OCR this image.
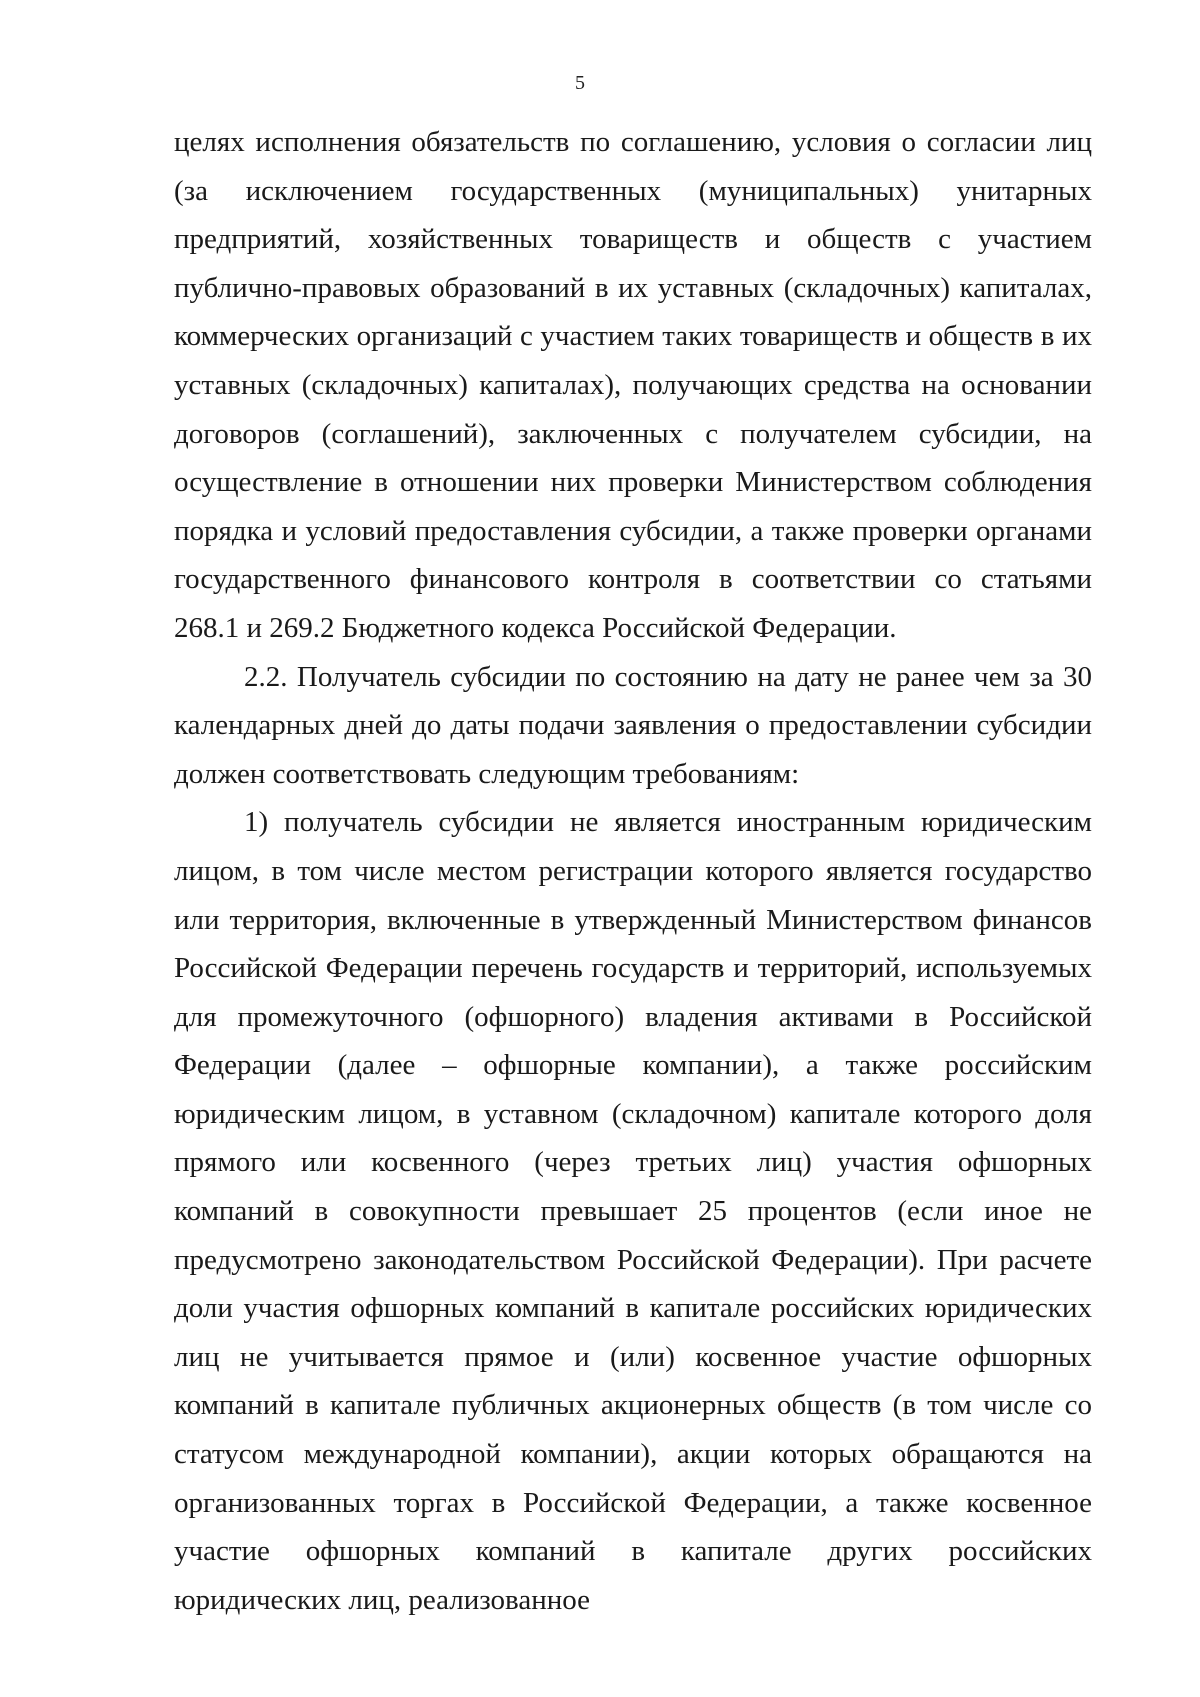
5

целях исполнения обязательств по соглашению, условия о согласии лиц (за исключением государственных (муниципальных) унитарных предприятий, хозяйственных товариществ и обществ с участием публично-правовых образований в их уставных (складочных) капиталах, коммерческих организаций с участием таких товариществ и обществ в их уставных (складочных) капиталах), получающих средства на основании договоров (соглашений), заключенных с получателем субсидии, на осуществление в отношении них проверки Министерством соблюдения порядка и условий предоставления субсидии, а также проверки органами государственного финансового контроля в соответствии со статьями 268.1 и 269.2 Бюджетного кодекса Российской Федерации.

2.2. Получатель субсидии по состоянию на дату не ранее чем за 30 календарных дней до даты подачи заявления о предоставлении субсидии должен соответствовать следующим требованиям:

1) получатель субсидии не является иностранным юридическим лицом, в том числе местом регистрации которого является государство или территория, включенные в утвержденный Министерством финансов Российской Федерации перечень государств и территорий, используемых для промежуточного (офшорного) владения активами в Российской Федерации (далее – офшорные компании), а также российским юридическим лицом, в уставном (складочном) капитале которого доля прямого или косвенного (через третьих лиц) участия офшорных компаний в совокупности превышает 25 процентов (если иное не предусмотрено законодательством Российской Федерации). При расчете доли участия офшорных компаний в капитале российских юридических лиц не учитывается прямое и (или) косвенное участие офшорных компаний в капитале публичных акционерных обществ (в том числе со статусом международной компании), акции которых обращаются на организованных торгах в Российской Федерации, а также косвенное участие офшорных компаний в капитале других российских юридических лиц, реализованное
